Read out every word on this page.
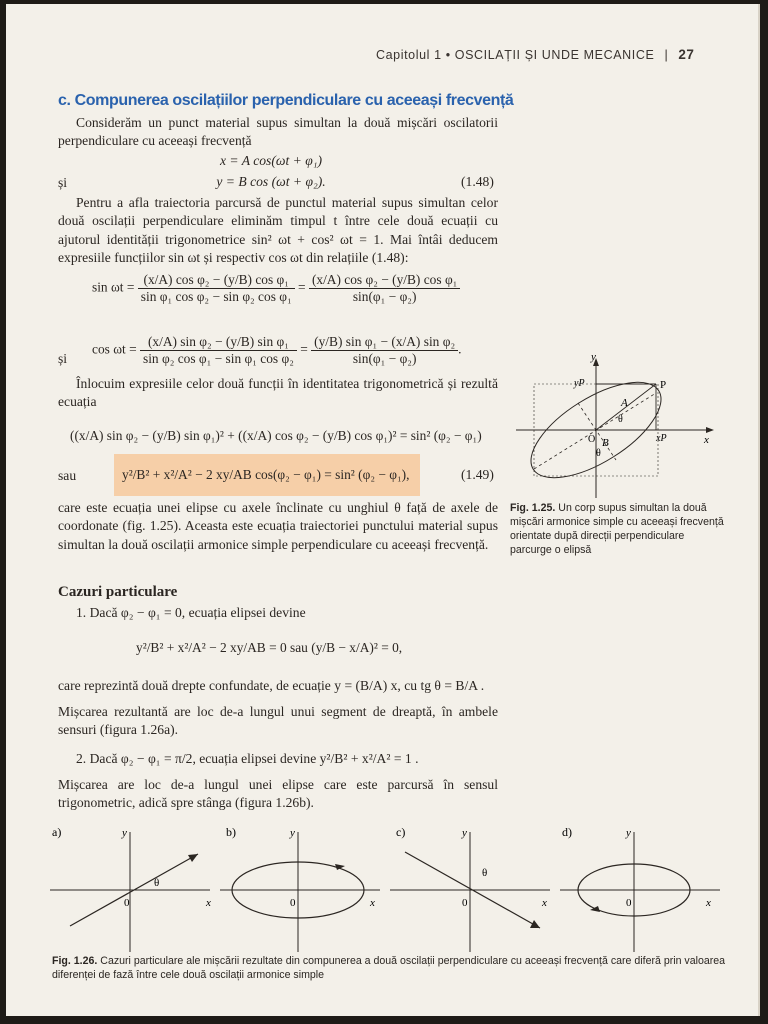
Capitolul 1 • OSCILAȚII ȘI UNDE MECANICE | 27
c. Compunerea oscilațiilor perpendiculare cu aceeași frecvență
Considerăm un punct material supus simultan la două mișcări oscilatorii perpendiculare cu aceeași frecvență
x = A cos(ωt + φ₁)
și	y = B cos (ωt + φ₂).	(1.48)
Pentru a afla traiectoria parcursă de punctul material supus simultan celor două oscilații perpendiculare eliminăm timpul t între cele două ecuații cu ajutorul identității trigonometrice sin² ωt + cos² ωt = 1. Mai întâi deducem expresiile funcțiilor sin ωt și respectiv cos ωt din relațiile (1.48):
$\sin \omega t = \frac{\text{(x/A) cos φ₂ − (y/B) cos φ₁}}{\text{sin φ₁ cos φ₂ − sin φ₂ cos φ₁}} = \frac{\text{(x/A) cos φ₂ − (y/B) cos φ₁}}{\text{sin(φ₁ − φ₂)}}$
și
$\cos \omega t = \frac{\text{(x/A) sin φ₂ − (y/B) sin φ₁}}{\text{sin φ₂ cos φ₁ − sin φ₁ cos φ₂}} = \frac{\text{(y/B) sin φ₁ − (x/A) sin φ₂}}{\text{sin(φ₁ − φ₂)}}$ .
Înlocuim expresiile celor două funcții în identitatea trigonometrică și rezultă ecuația
((x/A) sin φ₂ − (y/B) sin φ₁)² + ((x/A) cos φ₂ − (y/B) cos φ₁)² = sin² (φ₂ − φ₁)
sau	y²/B² + x²/A² − 2 xy/AB cos(φ₂ − φ₁) = sin² (φ₂ − φ₁),	(1.49)
care este ecuația unei elipse cu axele înclinate cu unghiul θ față de axele de coordonate (fig. 1.25). Aceasta este ecuația traiectoriei punctului material supus simultan la două oscilații armonice simple perpendiculare cu aceeași frecvență.
Cazuri particulare
1. Dacă φ₂ − φ₁ = 0, ecuația elipsei devine
y²/B² + x²/A² − 2 xy/AB = 0 sau (y/B − x/A)² = 0,
care reprezintă două drepte confundate, de ecuație y = (B/A) x, cu tg θ = B/A .
Mișcarea rezultantă are loc de-a lungul unui segment de dreaptă, în ambele sensuri (figura 1.26a).
2. Dacă φ₂ − φ₁ = π/2, ecuația elipsei devine y²/B² + x²/A² = 1 .
Mișcarea are loc de-a lungul unei elipse care este parcursă în sensul trigonometric, adică spre stânga (figura 1.26b).
y
yP	P
A
θ
O B
θ
xP	x
Fig. 1.25. Un corp supus simultan la două mișcări armonice simple cu aceeași frecvență orientate după direcții perpendiculare parcurge o elipsă
a)	y
x
0
θ
b)	y
x
0
c)	y
x
0
θ
d)	y
x
0
Fig. 1.26. Cazuri particulare ale mișcării rezultate din compunerea a două oscilații perpendiculare cu aceeași frecvență care diferă prin valoarea diferenței de fază între cele două oscilații armonice simple
